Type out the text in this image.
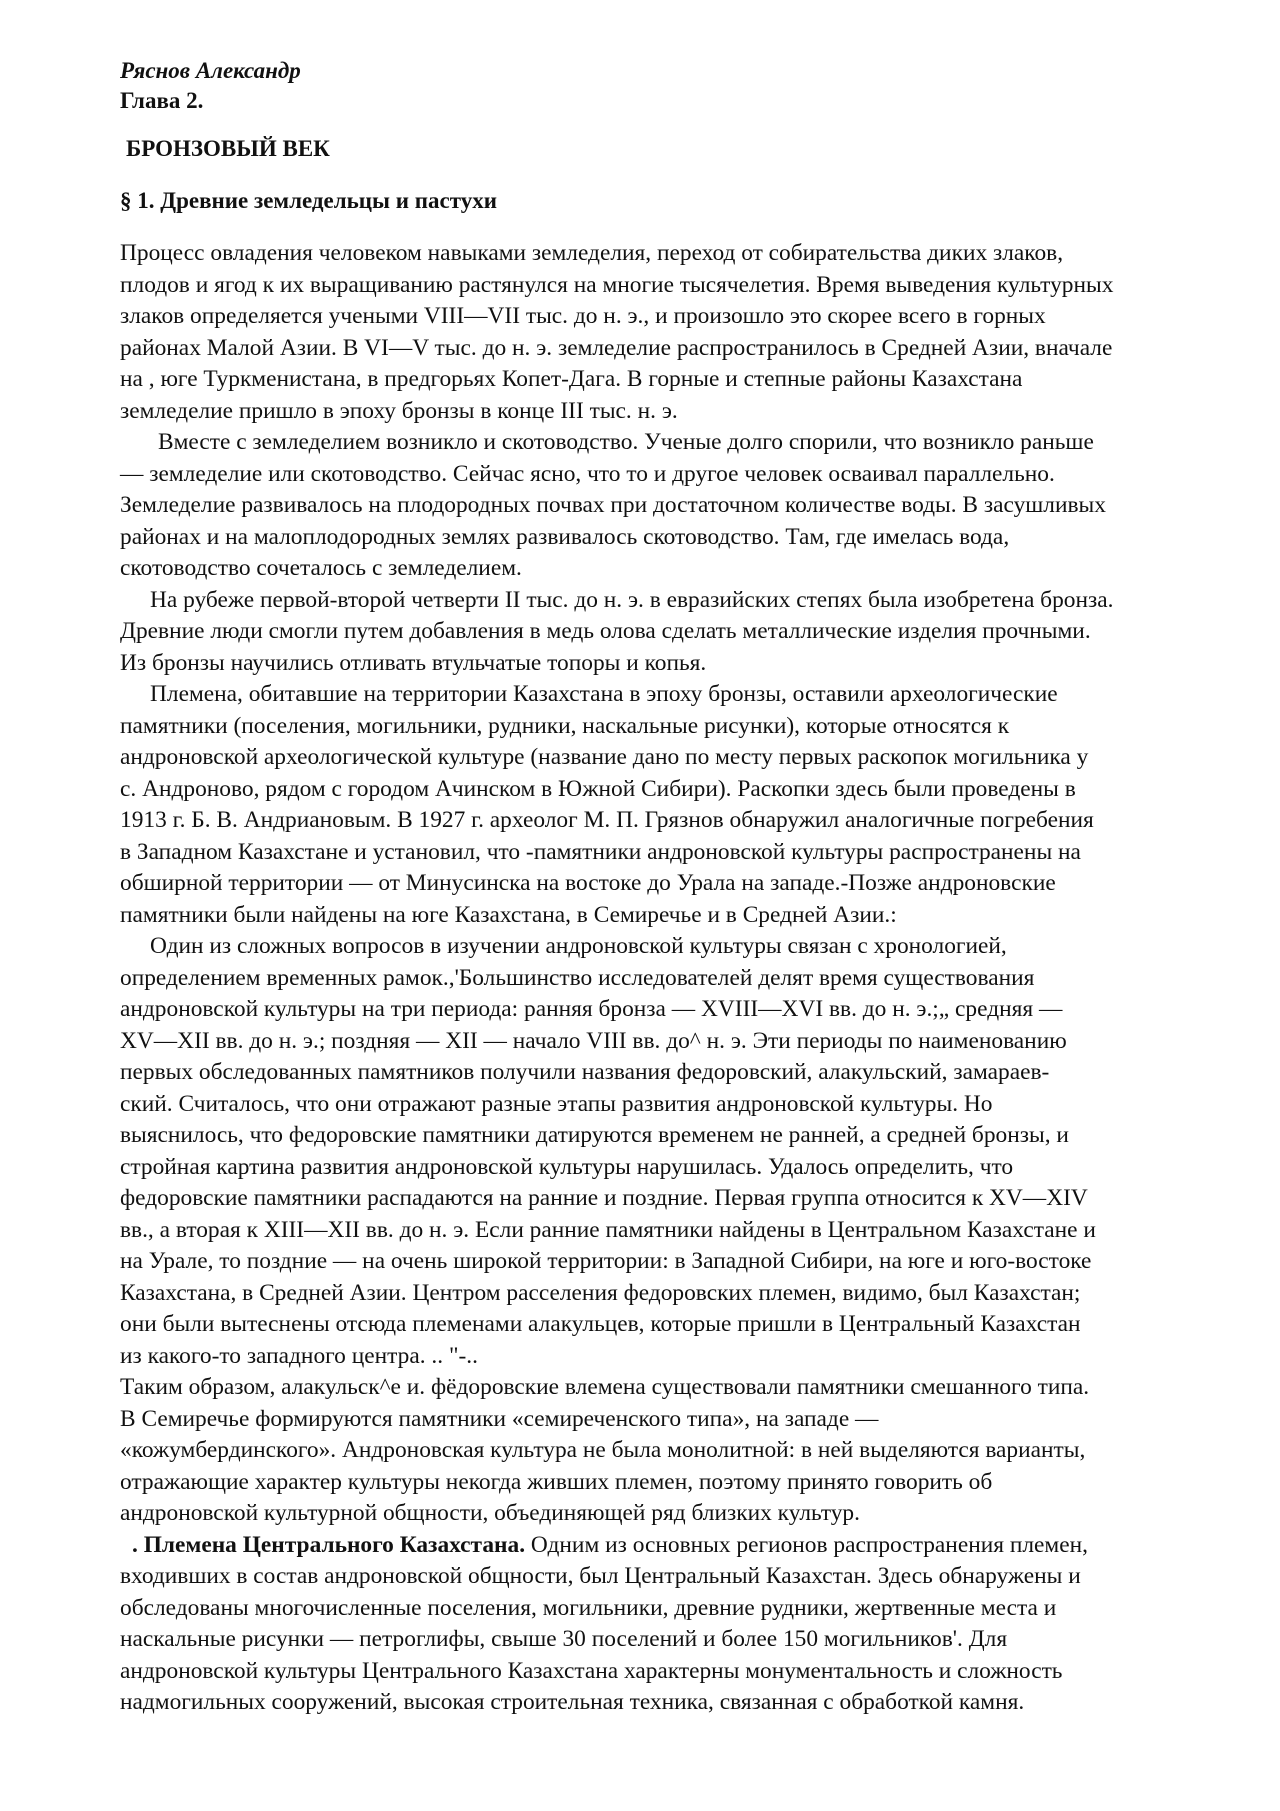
Ряснов Александр

Глава 2.

БРОНЗОВЫЙ ВЕК

§ 1. Древние земледельцы и пастухи

Процесс овладения человеком навыками земледелия, переход от собирательства диких злаков,

плодов и ягод к их выращиванию растянулся на многие тысячелетия. Время выведения культурных

злаков определяется учеными VIII—VII тыс. до н. э., и произошло это скорее всего в горных

районах Малой Азии. В VI—V тыс. до н. э. земледелие распространилось в Средней Азии, вначале

на , юге Туркменистана, в предгорьях Копет-Дага. В горные и степные районы Казахстана

земледелие пришло в эпоху бронзы в конце III тыс. н. э.

Вместе с земледелием возникло и скотоводство. Ученые долго спорили, что возникло раньше

— земледелие или скотоводство. Сейчас ясно, что то и другое человек осваивал параллельно.

Земледелие развивалось на плодородных почвах при достаточном количестве воды. В засушливых

районах и на малоплодородных землях развивалось скотоводство. Там, где имелась вода,

скотоводство сочеталось с земледелием.

На рубеже первой-второй четверти II тыс. до н. э. в евразийских степях была изобретена бронза.

Древние люди смогли путем добавления в медь олова сделать металлические изделия прочными.

Из бронзы научились отливать втульчатые топоры и копья.

Племена, обитавшие на территории Казахстана в эпоху бронзы, оставили археологические

памятники (поселения, могильники, рудники, наскальные рисунки), которые относятся к

андроновской археологической культуре (название дано по месту первых раскопок могильника у

с. Андроново, рядом с городом Ачинском в Южной Сибири). Раскопки здесь были проведены в

1913 г. Б. В. Андриановым. В 1927 г. археолог М. П. Грязнов обнаружил аналогичные погребения

в Западном Казахстане и установил, что -памятники андроновской культуры распространены на

обширной территории — от Минусинска на востоке до Урала на западе.-Позже андроновские

памятники были найдены на юге Казахстана, в Семиречье и в Средней Азии.:

Один из сложных вопросов в изучении андроновской культуры связан с хронологией,

определением временных рамок.,'Большинство исследователей делят время существования

андроновской культуры на три периода: ранняя бронза — XVIII—XVI вв. до н. э.;„ средняя —

XV—XII вв. до н. э.; поздняя — XII — начало VIII вв. до^ н. э. Эти периоды по наименованию

первых обследованных памятников получили названия федоровский, алакульский, замараев-

ский. Считалось, что они отражают разные этапы развития андроновской культуры. Но

выяснилось, что федоровские памятники датируются временем не ранней, а средней бронзы, и

стройная картина развития андроновской культуры нарушилась. Удалось определить, что

федоровские памятники распадаются на ранние и поздние. Первая группа относится к XV—XIV

вв., а вторая к XIII—XII вв. до н. э. Если ранние памятники найдены в Центральном Казахстане и

на Урале, то поздние — на очень широкой территории: в Западной Сибири, на юге и юго-востоке

Казахстана, в Средней Азии. Центром расселения федоровских племен, видимо, был Казахстан;

они были вытеснены отсюда племенами алакульцев, которые пришли в Центральный Казахстан

из какого-то западного центра. .. "-..

Таким образом, алакульск^е и. фёдоровские влемена существовали памятники смешанного типа.

В Семиречье формируются памятники «семиреченского типа», на западе —

«кожумбердинского». Андроновская культура не была монолитной: в ней выделяются варианты,

отражающие характер культуры некогда живших племен, поэтому принято говорить об

андроновской культурной общности, объединяющей ряд близких культур.

. Племена Центрального Казахстана. Одним из основных регионов распространения племен,

входивших в состав андроновской общности, был Центральный Казахстан. Здесь обнаружены и

обследованы многочисленные поселения, могильники, древние рудники, жертвенные места и

наскальные рисунки — петроглифы, свыше 30 поселений и более 150 могильников'. Для

андроновской культуры Центрального Казахстана характерны монументальность и сложность

надмогильных сооружений, высокая строительная техника, связанная с обработкой камня.
